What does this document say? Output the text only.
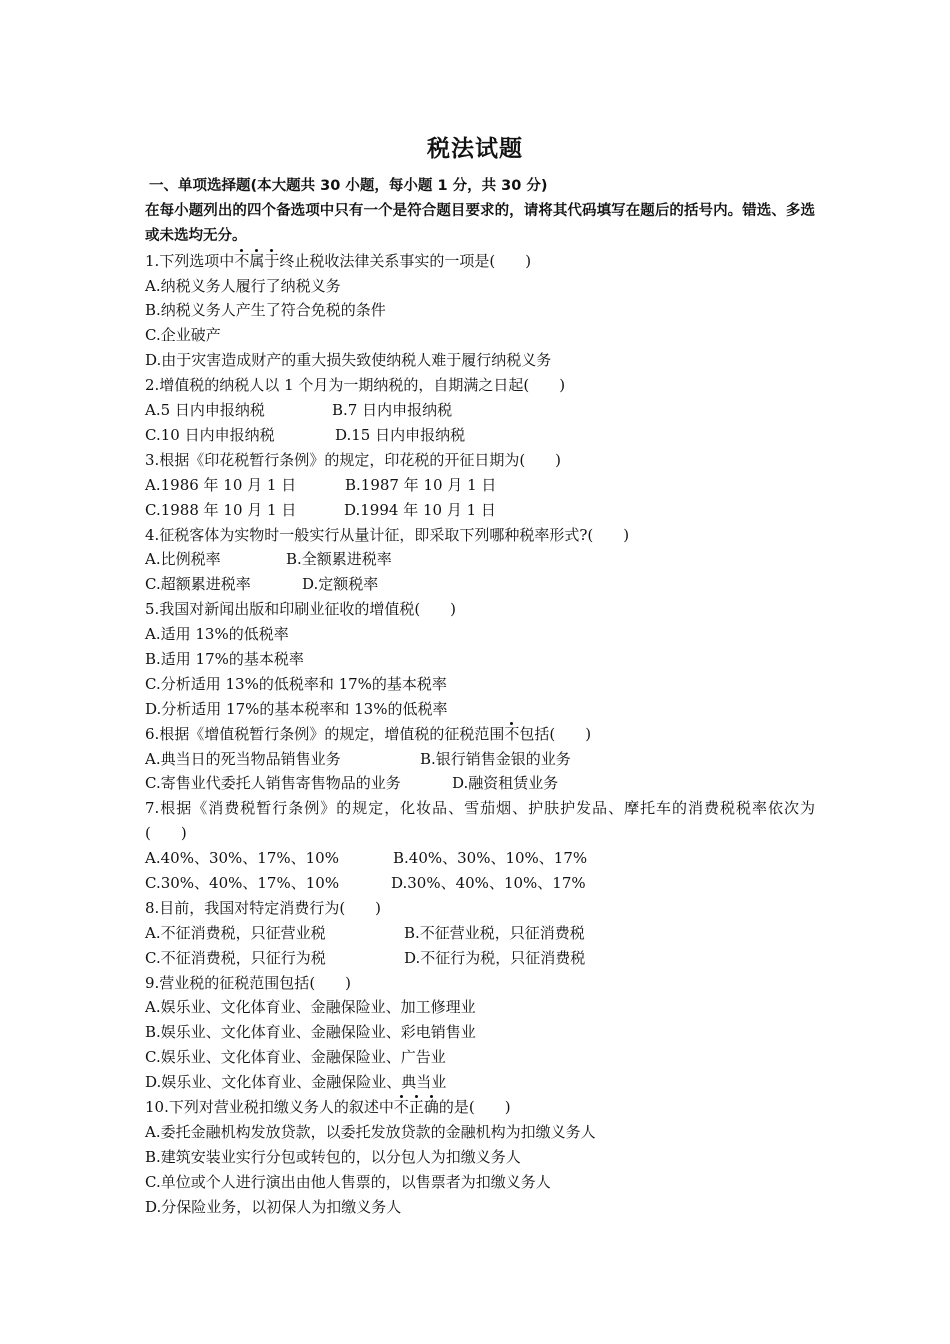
税法试题
一、单项选择题(本大题共 30 小题，每小题 1 分，共 30 分)
在每小题列出的四个备选项中只有一个是符合题目要求的，请将其代码填写在题后的括号内。错选、多选或未选均无分。
1.下列选项中不属于终止税收法律关系事实的一项是(　　)
A.纳税义务人履行了纳税义务
B.纳税义务人产生了符合免税的条件
C.企业破产
D.由于灾害造成财产的重大损失致使纳税人难于履行纳税义务
2.增值税的纳税人以 1 个月为一期纳税的，自期满之日起(　　)
A.5 日内申报纳税	B.7 日内申报纳税
C.10 日内申报纳税	D.15 日内申报纳税
3.根据《印花税暂行条例》的规定，印花税的开征日期为(　　)
A.1986 年 10 月 1 日	B.1987 年 10 月 1 日
C.1988 年 10 月 1 日	D.1994 年 10 月 1 日
4.征税客体为实物时一般实行从量计征，即采取下列哪种税率形式?(　　)
A.比例税率	B.全额累进税率
C.超额累进税率	D.定额税率
5.我国对新闻出版和印刷业征收的增值税(　　)
A.适用 13%的低税率
B.适用 17%的基本税率
C.分析适用 13%的低税率和 17%的基本税率
D.分析适用 17%的基本税率和 13%的低税率
6.根据《增值税暂行条例》的规定，增值税的征税范围不包括(　　)
A.典当日的死当物品销售业务	B.银行销售金银的业务
C.寄售业代委托人销售寄售物品的业务	D.融资租赁业务
7.根据《消费税暂行条例》的规定，化妆品、雪茄烟、护肤护发品、摩托车的消费税税率依次为(　　)
A.40%、30%、17%、10%	B.40%、30%、10%、17%
C.30%、40%、17%、10%	D.30%、40%、10%、17%
8.目前，我国对特定消费行为(　　)
A.不征消费税，只征营业税	B.不征营业税，只征消费税
C.不征消费税，只征行为税	D.不征行为税，只征消费税
9.营业税的征税范围包括(　　)
A.娱乐业、文化体育业、金融保险业、加工修理业
B.娱乐业、文化体育业、金融保险业、彩电销售业
C.娱乐业、文化体育业、金融保险业、广告业
D.娱乐业、文化体育业、金融保险业、典当业
10.下列对营业税扣缴义务人的叙述中不正确的是(　　)
A.委托金融机构发放贷款，以委托发放贷款的金融机构为扣缴义务人
B.建筑安装业实行分包或转包的，以分包人为扣缴义务人
C.单位或个人进行演出由他人售票的，以售票者为扣缴义务人
D.分保险业务，以初保人为扣缴义务人
